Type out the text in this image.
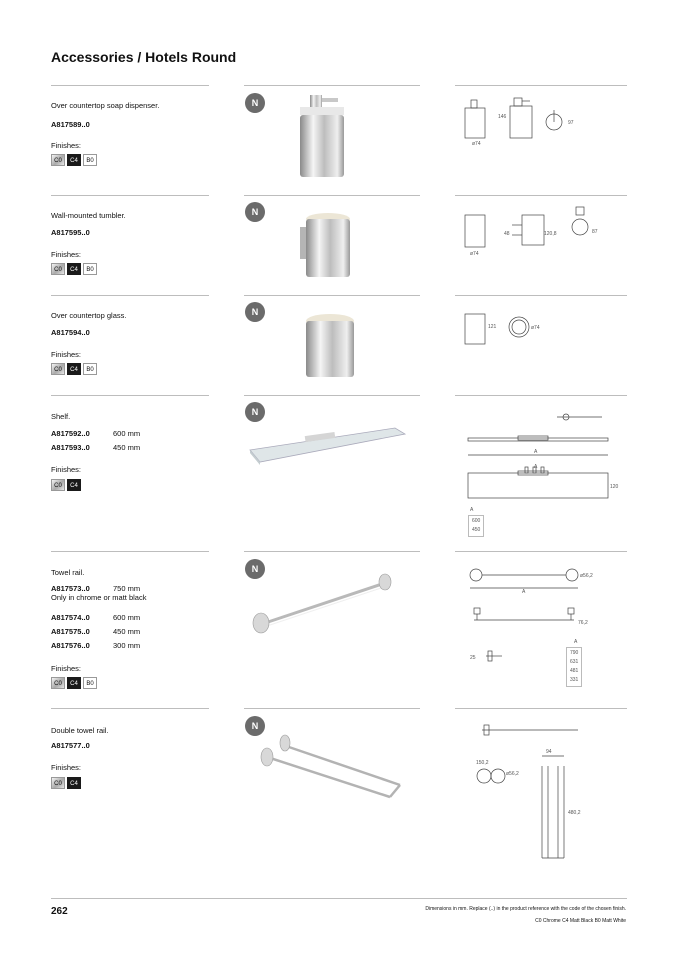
Accessories / Hotels Round
Over countertop soap dispenser.
A817589..0
Finishes:
C0	C4	B0
N
146
97
ø74
Wall-mounted tumbler.
A817595..0
Finishes:
C0	C4	B0
N
48	120,8	87
ø74
Over countertop glass.
A817594..0
Finishes:
C0	C4	B0
N
121	ø74
Shelf.
A817592..0	600 mm
A817593..0	450 mm
Finishes:
C0	C4
N
A
A
120
A
600
450
Towel rail.
A817573..0	750 mm
Only in chrome or matt black
A817574..0	600 mm
A817575..0	450 mm
A817576..0	300 mm
Finishes:
C0	C4	B0
N
ø56,2
A
76,2
25
A
790
631
481
331
Double towel rail.
A817577..0
Finishes:
C0	C4
N
94
150,2
ø56,2
480,2
262	Dimensions in mm. Replace (..) in the product reference with the code of the chosen finish.
C0 Chrome C4 Matt Black B0 Matt White
